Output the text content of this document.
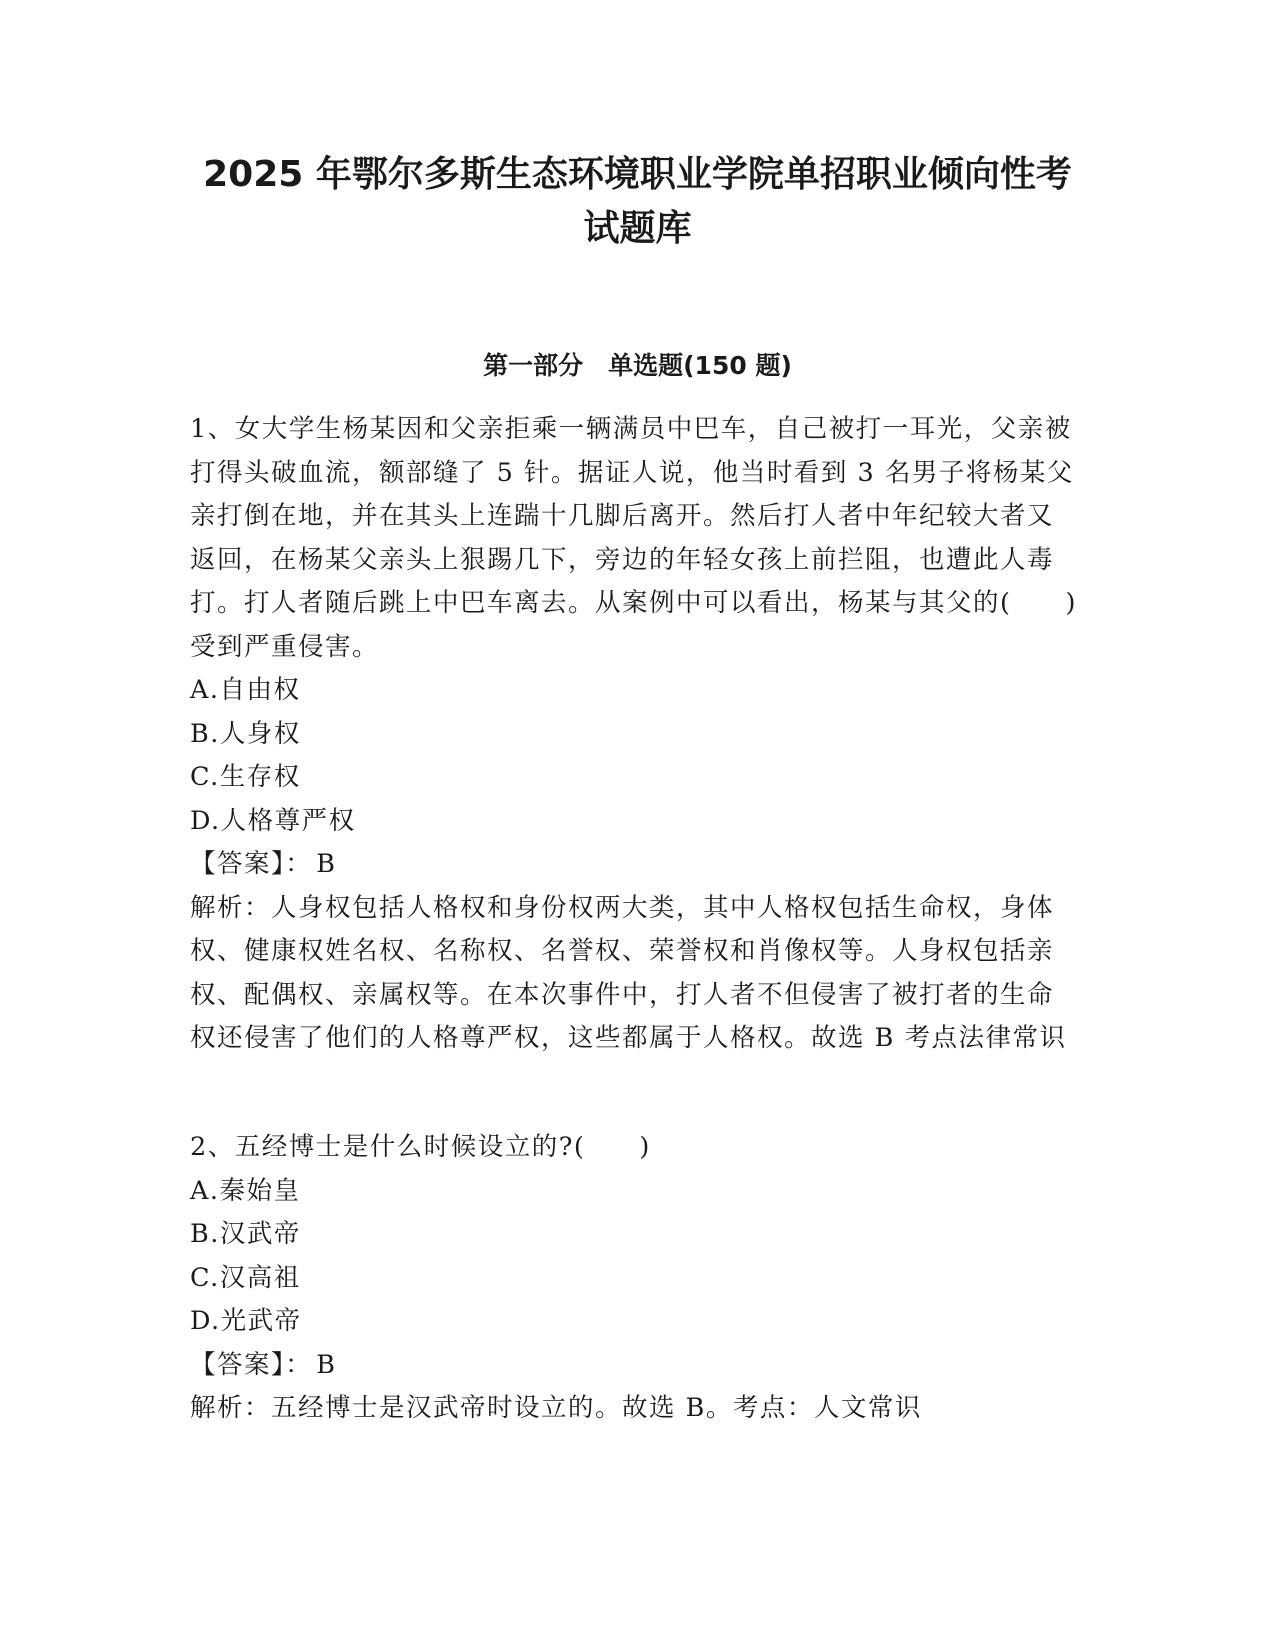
2025 年鄂尔多斯生态环境职业学院单招职业倾向性考
试题库
第一部分　单选题(150 题)

1、女大学生杨某因和父亲拒乘一辆满员中巴车，自己被打一耳光，父亲被打得头破血流，额部缝了 5 针。据证人说，他当时看到 3 名男子将杨某父亲打倒在地，并在其头上连踹十几脚后离开。然后打人者中年纪较大者又返回，在杨某父亲头上狠踢几下，旁边的年轻女孩上前拦阻，也遭此人毒打。打人者随后跳上中巴车离去。从案例中可以看出，杨某与其父的(　　)受到严重侵害。

A.自由权

B.人身权

C.生存权

D.人格尊严权

【答案】： B

解析：人身权包括人格权和身份权两大类，其中人格权包括生命权，身体权、健康权姓名权、名称权、名誉权、荣誉权和肖像权等。人身权包括亲权、配偶权、亲属权等。在本次事件中，打人者不但侵害了被打者的生命权还侵害了他们的人格尊严权，这些都属于人格权。故选 B 考点法律常识

2、五经博士是什么时候设立的?(　　)

A.秦始皇

B.汉武帝

C.汉高祖

D.光武帝

【答案】： B

解析：五经博士是汉武帝时设立的。故选 B。考点：人文常识
